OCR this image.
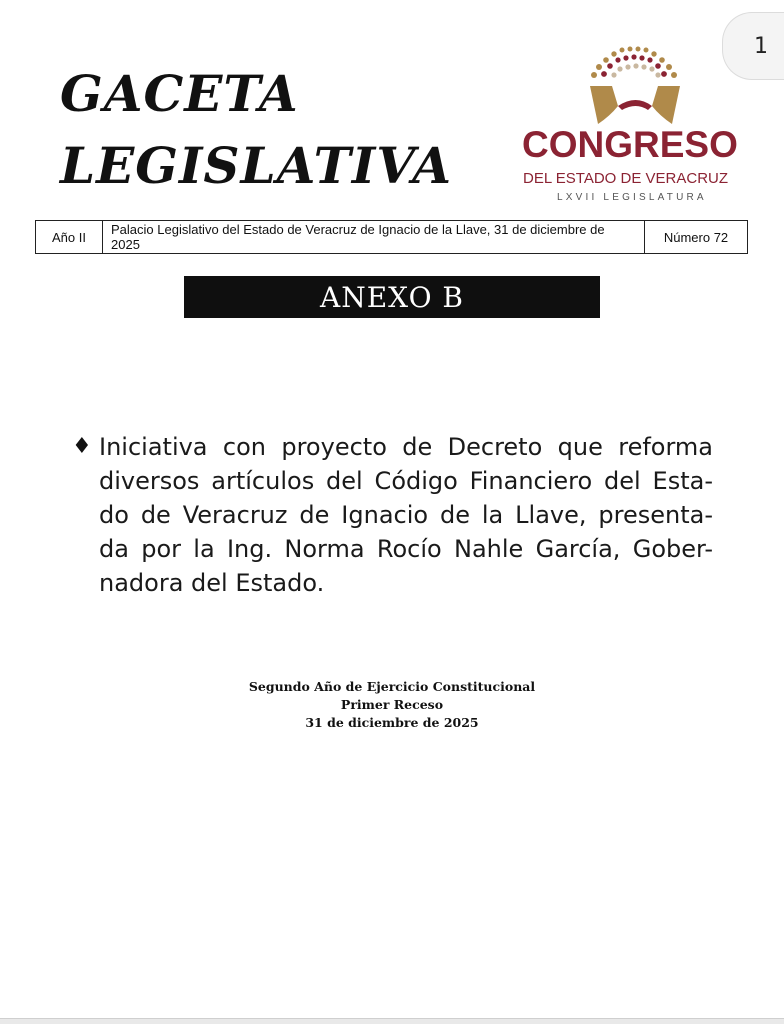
1
GACETA
LEGISLATIVA CONGRESO
DEL ESTADO DE VERACRUZ
LXVII LEGISLATURA
Año II	Palacio Legislativo del Estado de Veracruz de Ignacio de la Llave, 31 de diciembre de 2025	Número 72
ANEXO B
♦ Iniciativa con proyecto de Decreto que reforma
diversos artículos del Código Financiero del Esta-
do de Veracruz de Ignacio de la Llave, presenta-
da por la Ing. Norma Rocío Nahle García, Gober-
nadora del Estado.
Segundo Año de Ejercicio Constitucional
Primer Receso
31 de diciembre de 2025
